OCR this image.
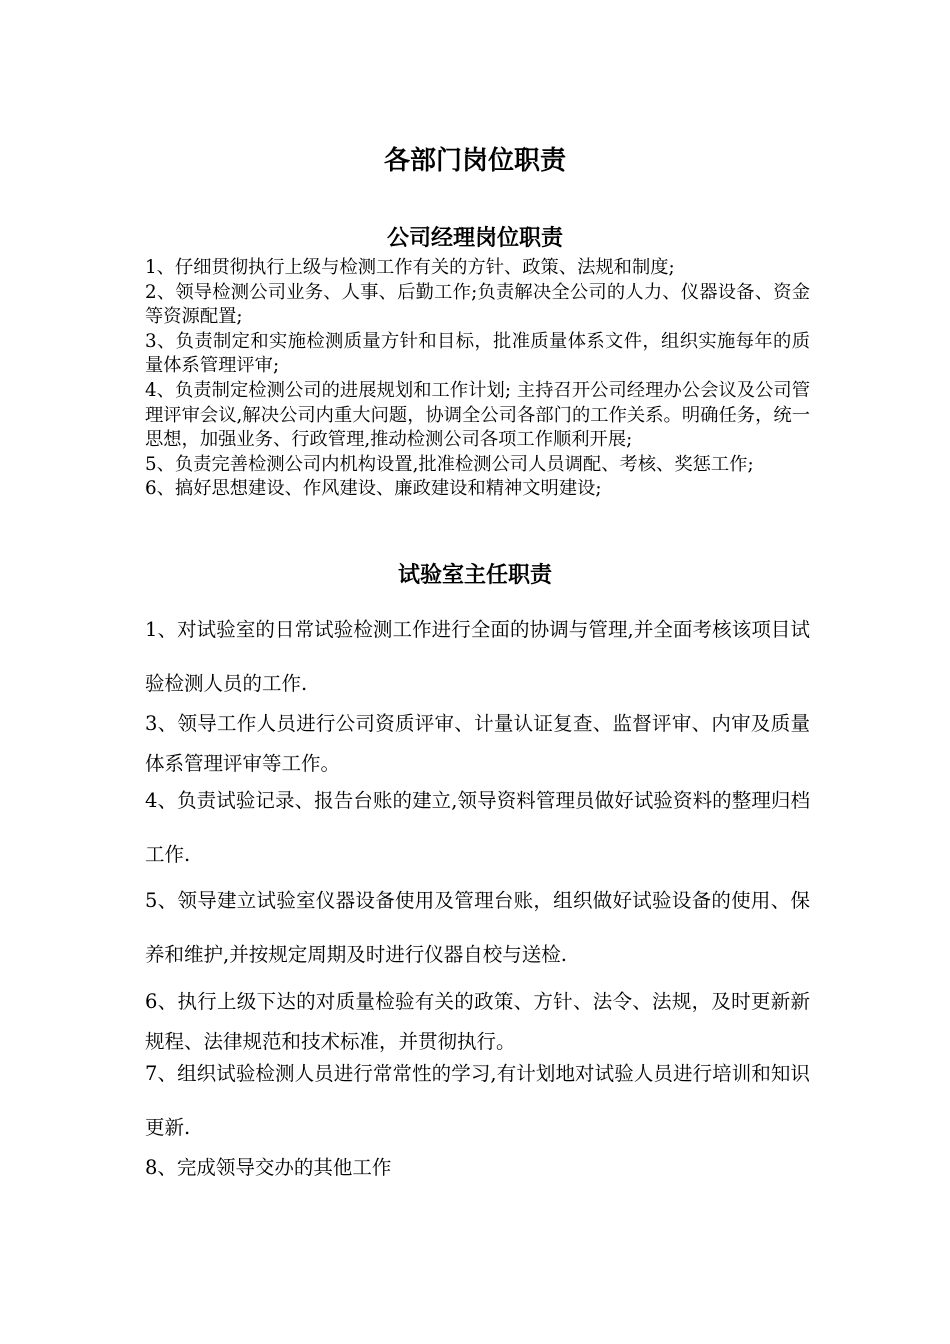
各部门岗位职责
公司经理岗位职责

1、仔细贯彻执行上级与检测工作有关的方针、政策、法规和制度;

2、领导检测公司业务、人事、后勤工作;负责解决全公司的人力、仪器设备、资金等资源配置;

3、负责制定和实施检测质量方针和目标，批准质量体系文件，组织实施每年的质量体系管理评审;

4、负责制定检测公司的进展规划和工作计划; 主持召开公司经理办公会议及公司管理评审会议,解决公司内重大问题，协调全公司各部门的工作关系。明确任务，统一思想，加强业务、行政管理,推动检测公司各项工作顺利开展;

5、负责完善检测公司内机构设置,批准检测公司人员调配、考核、奖惩工作;

6、搞好思想建设、作风建设、廉政建设和精神文明建设;

试验室主任职责

1、对试验室的日常试验检测工作进行全面的协调与管理,并全面考核该项目试验检测人员的工作.

3、领导工作人员进行公司资质评审、计量认证复查、监督评审、内审及质量体系管理评审等工作。

4、负责试验记录、报告台账的建立,领导资料管理员做好试验资料的整理归档工作.

5、领导建立试验室仪器设备使用及管理台账，组织做好试验设备的使用、保养和维护,并按规定周期及时进行仪器自校与送检.

6、执行上级下达的对质量检验有关的政策、方针、法令、法规，及时更新新规程、法律规范和技术标准，并贯彻执行。

7、组织试验检测人员进行常常性的学习,有计划地对试验人员进行培训和知识更新.

8、完成领导交办的其他工作
